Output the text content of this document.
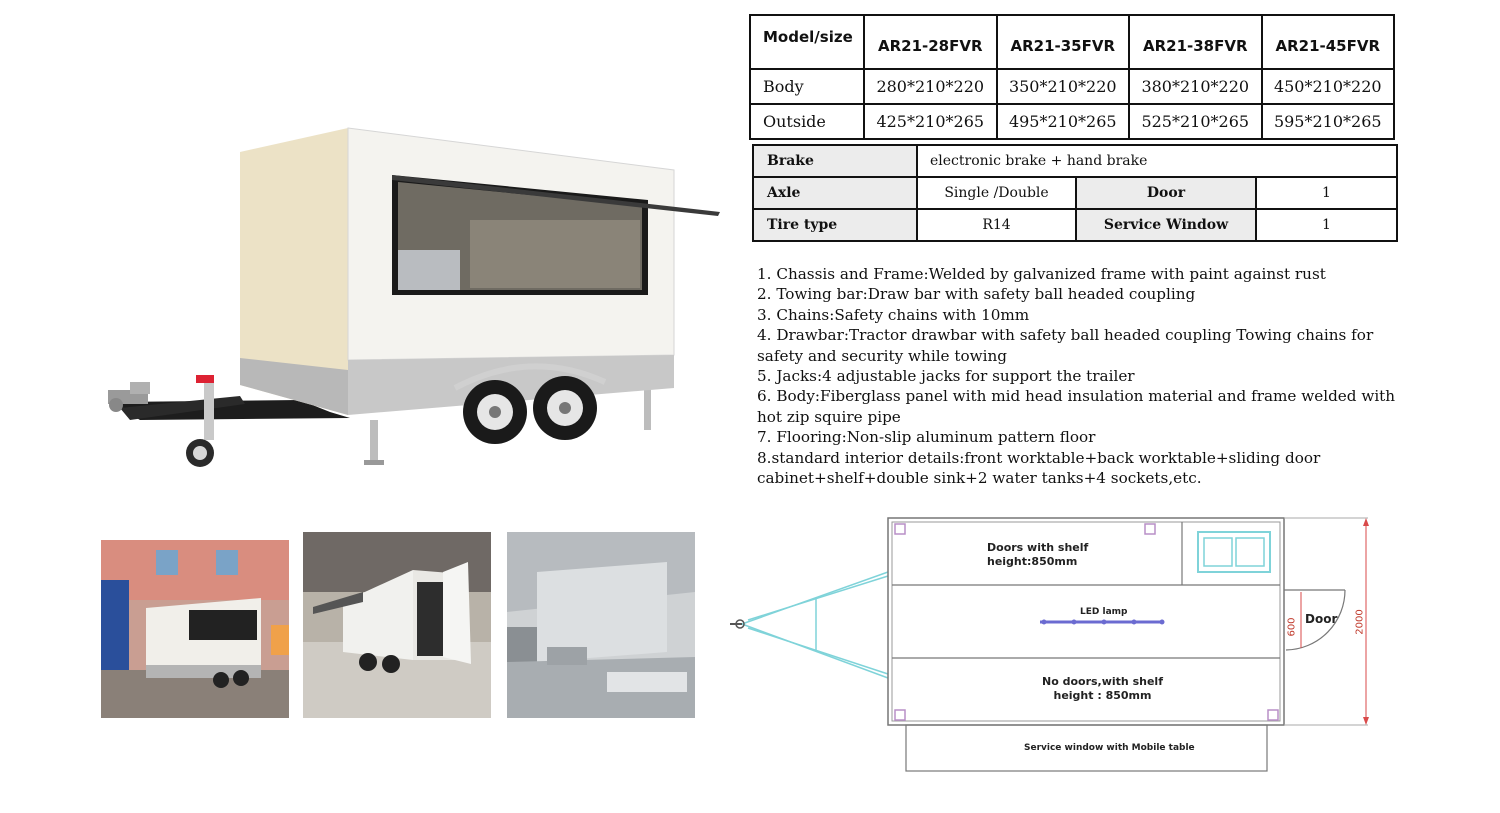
Model/size	AR21-28FVR	AR21-35FVR	AR21-38FVR	AR21-45FVR
Body	280*210*220	350*210*220	380*210*220	450*210*220
Outside	425*210*265	495*210*265	525*210*265	595*210*265
Brake	electronic brake + hand brake		
Axle	Single /Double	Door	1
Tire type	R14	Service Window	1
1. Chassis and Frame:Welded by galvanized frame with paint against rust
2. Towing bar:Draw bar with safety ball headed coupling
3. Chains:Safety chains with 10mm
4. Drawbar:Tractor drawbar with safety ball headed coupling Towing chains for safety and security while towing
5. Jacks:4 adjustable jacks for support the trailer
6. Body:Fiberglass panel with mid head insulation material and frame welded with hot zip squire pipe
7. Flooring:Non-slip aluminum pattern floor
8.standard interior details:front worktable+back worktable+sliding door cabinet+shelf+double sink+2 water tanks+4 sockets,etc.
Doors with shelf
height:850mm
LED lamp
No doors,with shelf
height : 850mm
Service window with Mobile table
Door
600	2000
